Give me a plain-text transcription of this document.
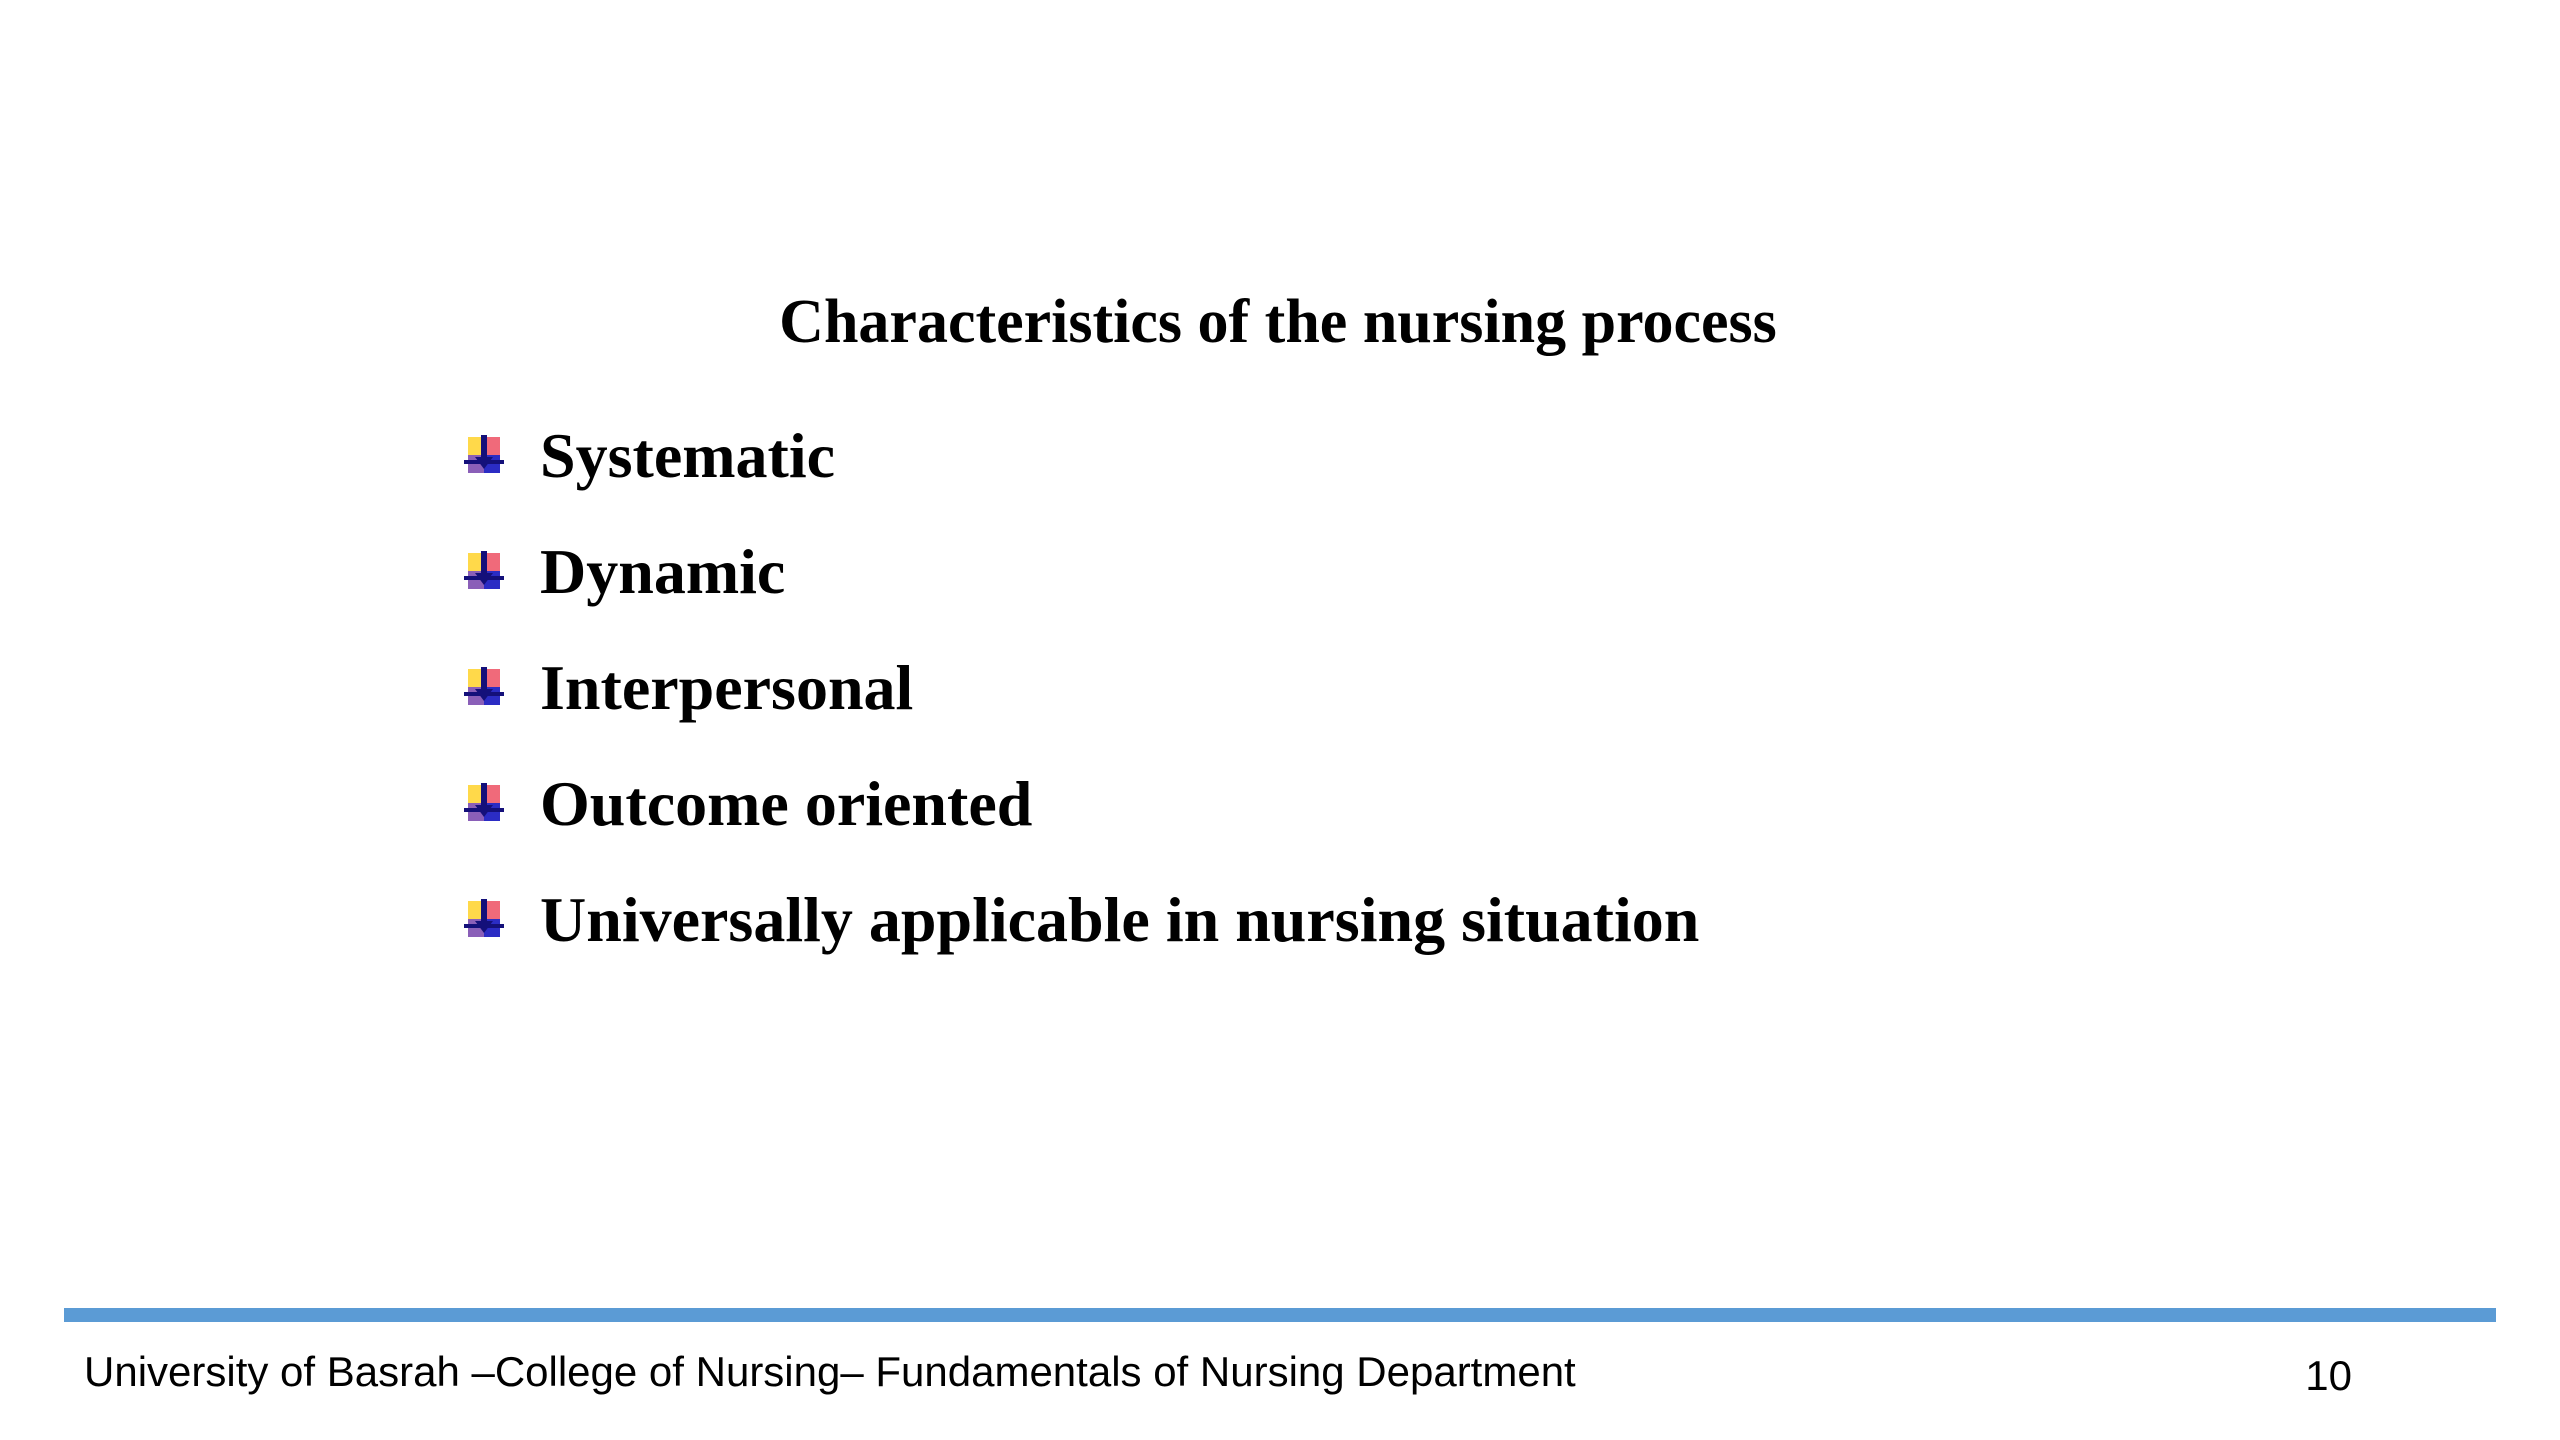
Characteristics of the nursing process
Systematic
Dynamic
Interpersonal
Outcome oriented
Universally applicable in nursing situation
University of Basrah –College of Nursing– Fundamentals of Nursing Department	10
